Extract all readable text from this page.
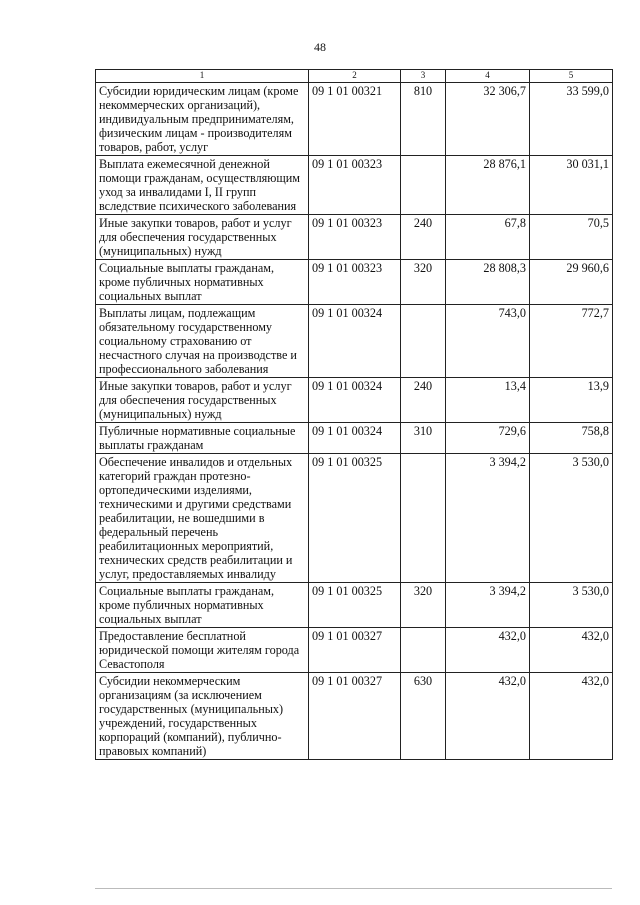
48
1	2	3	4	5
Субсидии юридическим лицам (кроме некоммерческих организаций), индивидуальным предпринимателям, физическим лицам - производителям товаров, работ, услуг	09 1 01 00321	810	32 306,7	33 599,0
Выплата ежемесячной денежной помощи гражданам, осуществляющим уход за инвалидами I, II групп вследствие психического заболевания	09 1 01 00323		28 876,1	30 031,1
Иные закупки товаров, работ и услуг для обеспечения государственных (муниципальных) нужд	09 1 01 00323	240	67,8	70,5
Социальные выплаты гражданам, кроме публичных нормативных социальных выплат	09 1 01 00323	320	28 808,3	29 960,6
Выплаты лицам, подлежащим обязательному государственному социальному страхованию от несчастного случая на производстве и профессионального заболевания	09 1 01 00324		743,0	772,7
Иные закупки товаров, работ и услуг для обеспечения государственных (муниципальных) нужд	09 1 01 00324	240	13,4	13,9
Публичные нормативные социальные выплаты гражданам	09 1 01 00324	310	729,6	758,8
Обеспечение инвалидов и отдельных категорий граждан протезно-ортопедическими изделиями, техническими и другими средствами реабилитации, не вошедшими в федеральный перечень реабилитационных мероприятий, технических средств реабилитации и услуг, предоставляемых инвалиду	09 1 01 00325		3 394,2	3 530,0
Социальные выплаты гражданам, кроме публичных нормативных социальных выплат	09 1 01 00325	320	3 394,2	3 530,0
Предоставление бесплатной юридической помощи жителям города Севастополя	09 1 01 00327		432,0	432,0
Субсидии некоммерческим организациям (за исключением государственных (муниципальных) учреждений, государственных корпораций (компаний), публично-правовых компаний)	09 1 01 00327	630	432,0	432,0
